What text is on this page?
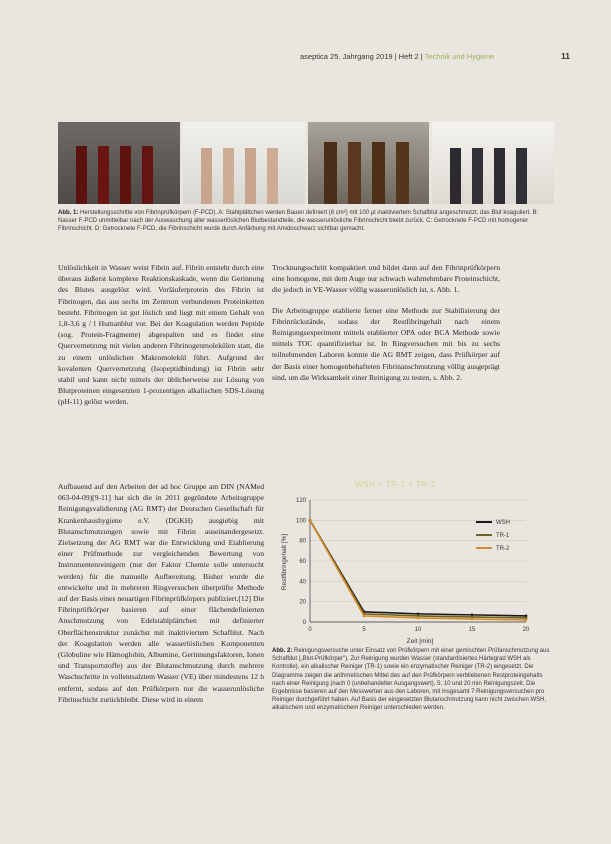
aseptica 25. Jahrgang 2019 | Heft 2 | Technik und Hygiene	11
Abb. 1: Herstellungsschritte von Fibrinprüfkörpern (F-PCD). A: Stahlplättchen werden Bauen definiert (8 cm²) mit 100 µl inaktiviertem Schafblut angeschmutzt, das Blut koaguliert. B: Nasser F-PCD unmittelbar nach der Auswaschung aller wasserlöslichen Blutbestandteile, die wasserunlösliche Fibrinschicht bleibt zurück. C: Getrocknete F-PCD mit homogener Fibrinschicht. D: Getrocknete F-PCD, die Fibrinschicht wurde durch Anfärbung mit Amidoschwarz sichtbar gemacht.

Unlöslichkeit in Wasser weist Fibrin auf. Fibrin entsteht durch eine überaus äußerst komplexe Reaktionskaskade, wenn die Gerinnung des Blutes ausgelöst wird. Vorläuferprotein des Fibrin ist Fibrinogen, das aus sechs im Zentrum verbundenen Proteinketten besteht. Fibrinogen ist gut löslich und liegt mit einem Gehalt von 1,8-3,6 g / l Humanblut vor. Bei der Koagulation werden Peptide (sog. Protein-Fragmente) abgespalten und es findet eine Quervernetzung mit vielen anderen Fibrinogenmolekülen statt, die zu einem unlöslichen Makromolekül führt. Aufgrund der kovalenten Quervernetzung (Isopeptidbindung) ist Fibrin sehr stabil und kann nicht mittels der üblicherweise zur Lösung von Blutproteinen eingesetzten 1-prozentigen alkalischen SDS-Lösung (pH-11) gelöst werden.

Trocknungsschritt kompaktiert und bildet dann auf den Fibrinprüfkörpern eine homogene, mit dem Auge nur schwach wahrnehmbare Proteinschicht, die jedoch in VE-Wasser völlig wasserunlöslich ist, s. Abb. 1.

Die Arbeitsgruppe etablierte ferner eine Methode zur Stabilisierung der Fibrinrückstände, sodass der Restfibringehalt nach einem Reinigungsexperiment mittels etablierter OPA oder BCA Methode sowie mittels TOC quantifizierbar ist. In Ringversuchen mit bis zu sechs teilnehmenden Laboren konnte die AG RMT zeigen, dass Prüfkörper auf der Basis einer homogenbehafteten Fibrinanschmutzung völlig ausgeprägt sind, um die Wirksamkeit einer Reinigung zu testen, s. Abb. 2.

Aufbauend auf den Arbeiten der ad hoc Gruppe am DIN (NAMed 063-04-09)[9-11] hat sich die in 2011 gegründete Arbeitsgruppe Reinigungsvalidierung (AG RMT) der Deutschen Gesellschaft für Krankenhaushygiene e.V. (DGKH) ausgiebig mit Blutanschmutzungen sowie mit Fibrin auseinandergesetzt. Zielsetzung der AG RMT war die Entwicklung und Etablierung einer Prüfmethode zur vergleichenden Bewertung von Instrumentenreinigern (nur der Faktor Chemie solle untersucht werden) für die manuelle Aufbereitung. Bisher wurde die entwickelte und in mehreren Ringversuchen überprüfte Methode auf der Basis eines neuartigen Fibrinprüfkörpers publiziert.[12] Die Fibrinprüfkörper basieren auf einer flächendefinierten Anschmutzung von Edelstahlplättchen mit definierter Oberflächenstruktur zunächst mit inaktiviertem Schafblut. Nach der Koagulation werden alle wasserlöslichen Komponenten (Globuline wie Hämoglobin, Albumine, Gerinnungsfaktoren, Ionen und Transportstoffe) aus der Blutanschmutzung durch mehrere Waschschritte in vollentsalztem Wasser (VE) über mindestens 12 h entfernt, sodass auf den Prüfkörpern nur die wasserunlösliche Fibrinschicht zurückbleibt. Diese wird in einem

WSH + TR-1 + TR-2
0
20
40
60
80
100
120
0	5	10	15	20
WSH
TR-1
TR-2
Restfibringehalt [%]
Zeit [min]
Abb. 2: Reinigungsversuche unter Einsatz von Prüfkörpern mit einer gemischten Prüfanschmutzung aus Schafblut („Blut-Prüfkörper"). Zur Reinigung wurden Wasser (standardisiertes Härtegrad WSH als Kontrolle), ein alkalischer Reiniger (TR-1) sowie ein enzymatischer Reiniger (TR-2) eingesetzt. Die Diagramme zeigen die arithmetischen Mittel des auf den Prüfkörpern verbliebenen Restproteingehalts nach einer Reinigung (nach 0 (unbehandelter Ausgangswert), 5, 10 und 20 min Reinigungszeit. Die Ergebnisse basieren auf den Messwerten aus den Laboren, mit insgesamt 7 Reinigungsversuchen pro Reiniger durchgeführt haben. Auf Basis der eingesetzten Blutanschmutzung kann nicht zwischen WSH, alkalischem und enzymatischem Reiniger unterschieden werden.
